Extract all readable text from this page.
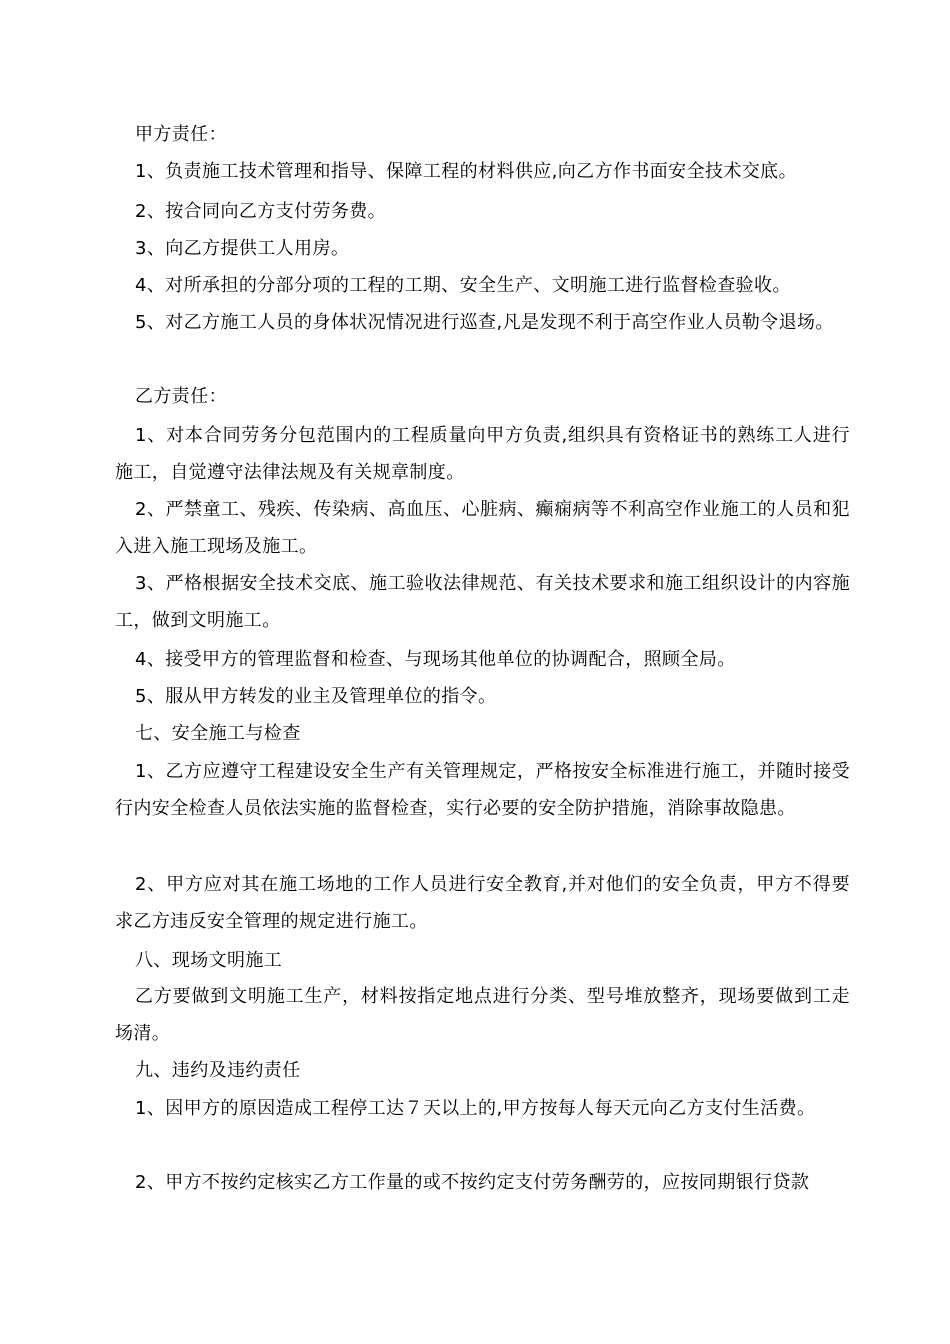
甲方责任：

1、负责施工技术管理和指导、保障工程的材料供应,向乙方作书面安全技术交底。

2、按合同向乙方支付劳务费。

3、向乙方提供工人用房。

4、对所承担的分部分项的工程的工期、安全生产、文明施工进行监督检查验收。

5、对乙方施工人员的身体状况情况进行巡查,凡是发现不利于高空作业人员勒令退场。

乙方责任：

1、对本合同劳务分包范围内的工程质量向甲方负责,组织具有资格证书的熟练工人进行施工，自觉遵守法律法规及有关规章制度。

2、严禁童工、残疾、传染病、高血压、心脏病、癫痫病等不利高空作业施工的人员和犯入进入施工现场及施工。

3、严格根据安全技术交底、施工验收法律规范、有关技术要求和施工组织设计的内容施工，做到文明施工。

4、接受甲方的管理监督和检查、与现场其他单位的协调配合，照顾全局。

5、服从甲方转发的业主及管理单位的指令。

七、安全施工与检查

1、乙方应遵守工程建设安全生产有关管理规定，严格按安全标准进行施工，并随时接受行内安全检查人员依法实施的监督检查，实行必要的安全防护措施，消除事故隐患。

2、甲方应对其在施工场地的工作人员进行安全教育,并对他们的安全负责，甲方不得要求乙方违反安全管理的规定进行施工。

八、现场文明施工

乙方要做到文明施工生产，材料按指定地点进行分类、型号堆放整齐，现场要做到工走场清。

九、违约及违约责任

1、因甲方的原因造成工程停工达７天以上的,甲方按每人每天元向乙方支付生活费。

2、甲方不按约定核实乙方工作量的或不按约定支付劳务酬劳的，应按同期银行贷款
